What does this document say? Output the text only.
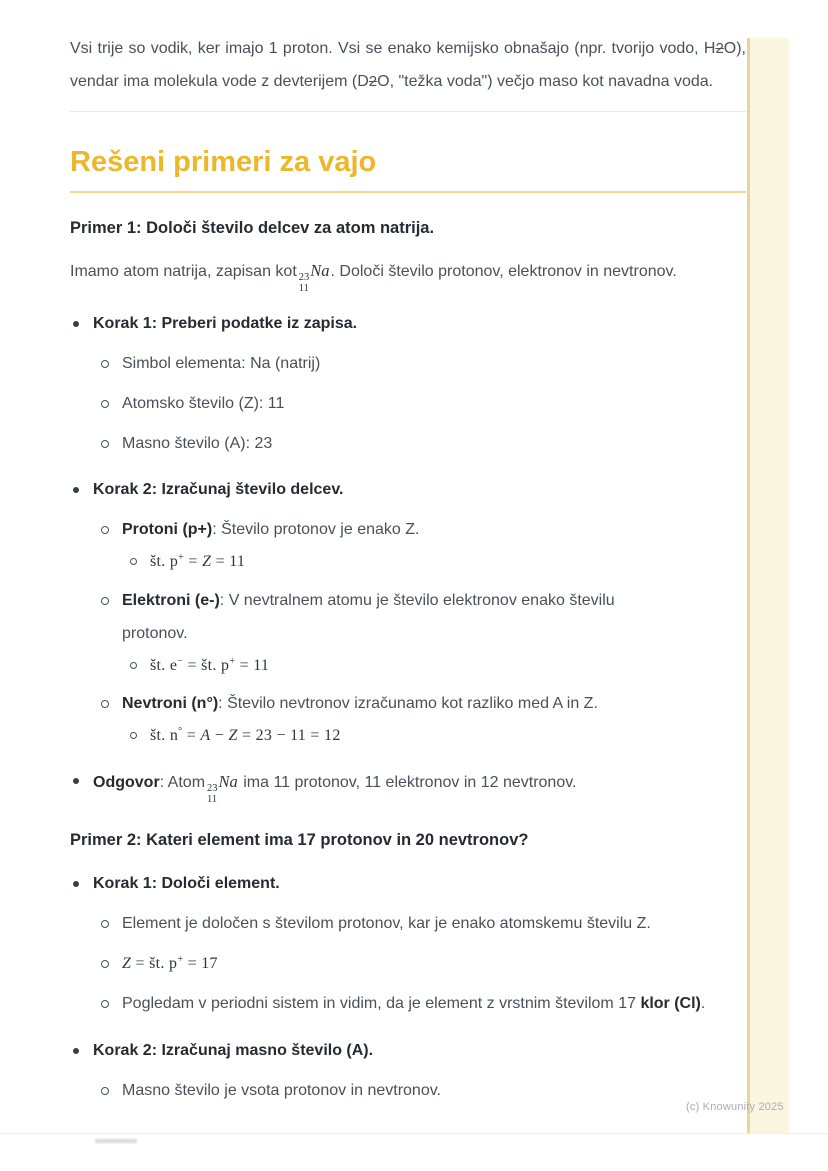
Vsi trije so vodik, ker imajo 1 proton. Vsi se enako kemijsko obnašajo (npr. tvorijo vodo, H2O), vendar ima molekula vode z devterijem (D2O, "težka voda") večjo maso kot navadna voda.

Rešeni primeri za vajo

Primer 1: Določi število delcev za atom natrija.

Imamo atom natrija, zapisan kot 23
11
Na. Določi število protonov, elektronov in nevtronov.

Korak 1: Preberi podatke iz zapisa.
Simbol elementa: Na (natrij)
Atomsko število (Z): 11
Masno število (A): 23
Korak 2: Izračunaj število delcev.
Protoni (p+): Število protonov je enako Z.
št. p+ = Z = 11
Elektroni (e-): V nevtralnem atomu je število elektronov enako številu protonov.
št. e− = št. p+ = 11
Nevtroni (n°): Število nevtronov izračunamo kot razliko med A in Z.
št. n° = A − Z = 23 − 11 = 12
Odgovor: Atom 23
11
Na ima 11 protonov, 11 elektronov in 12 nevtronov.

Primer 2: Kateri element ima 17 protonov in 20 nevtronov?

Korak 1: Določi element.
Element je določen s številom protonov, kar je enako atomskemu številu Z.
Z = št. p+ = 17
Pogledam v periodni sistem in vidim, da je element z vrstnim številom 17 klor (Cl).
Korak 2: Izračunaj masno število (A).
Masno število je vsota protonov in nevtronov.
(c) Knowunity 2025
